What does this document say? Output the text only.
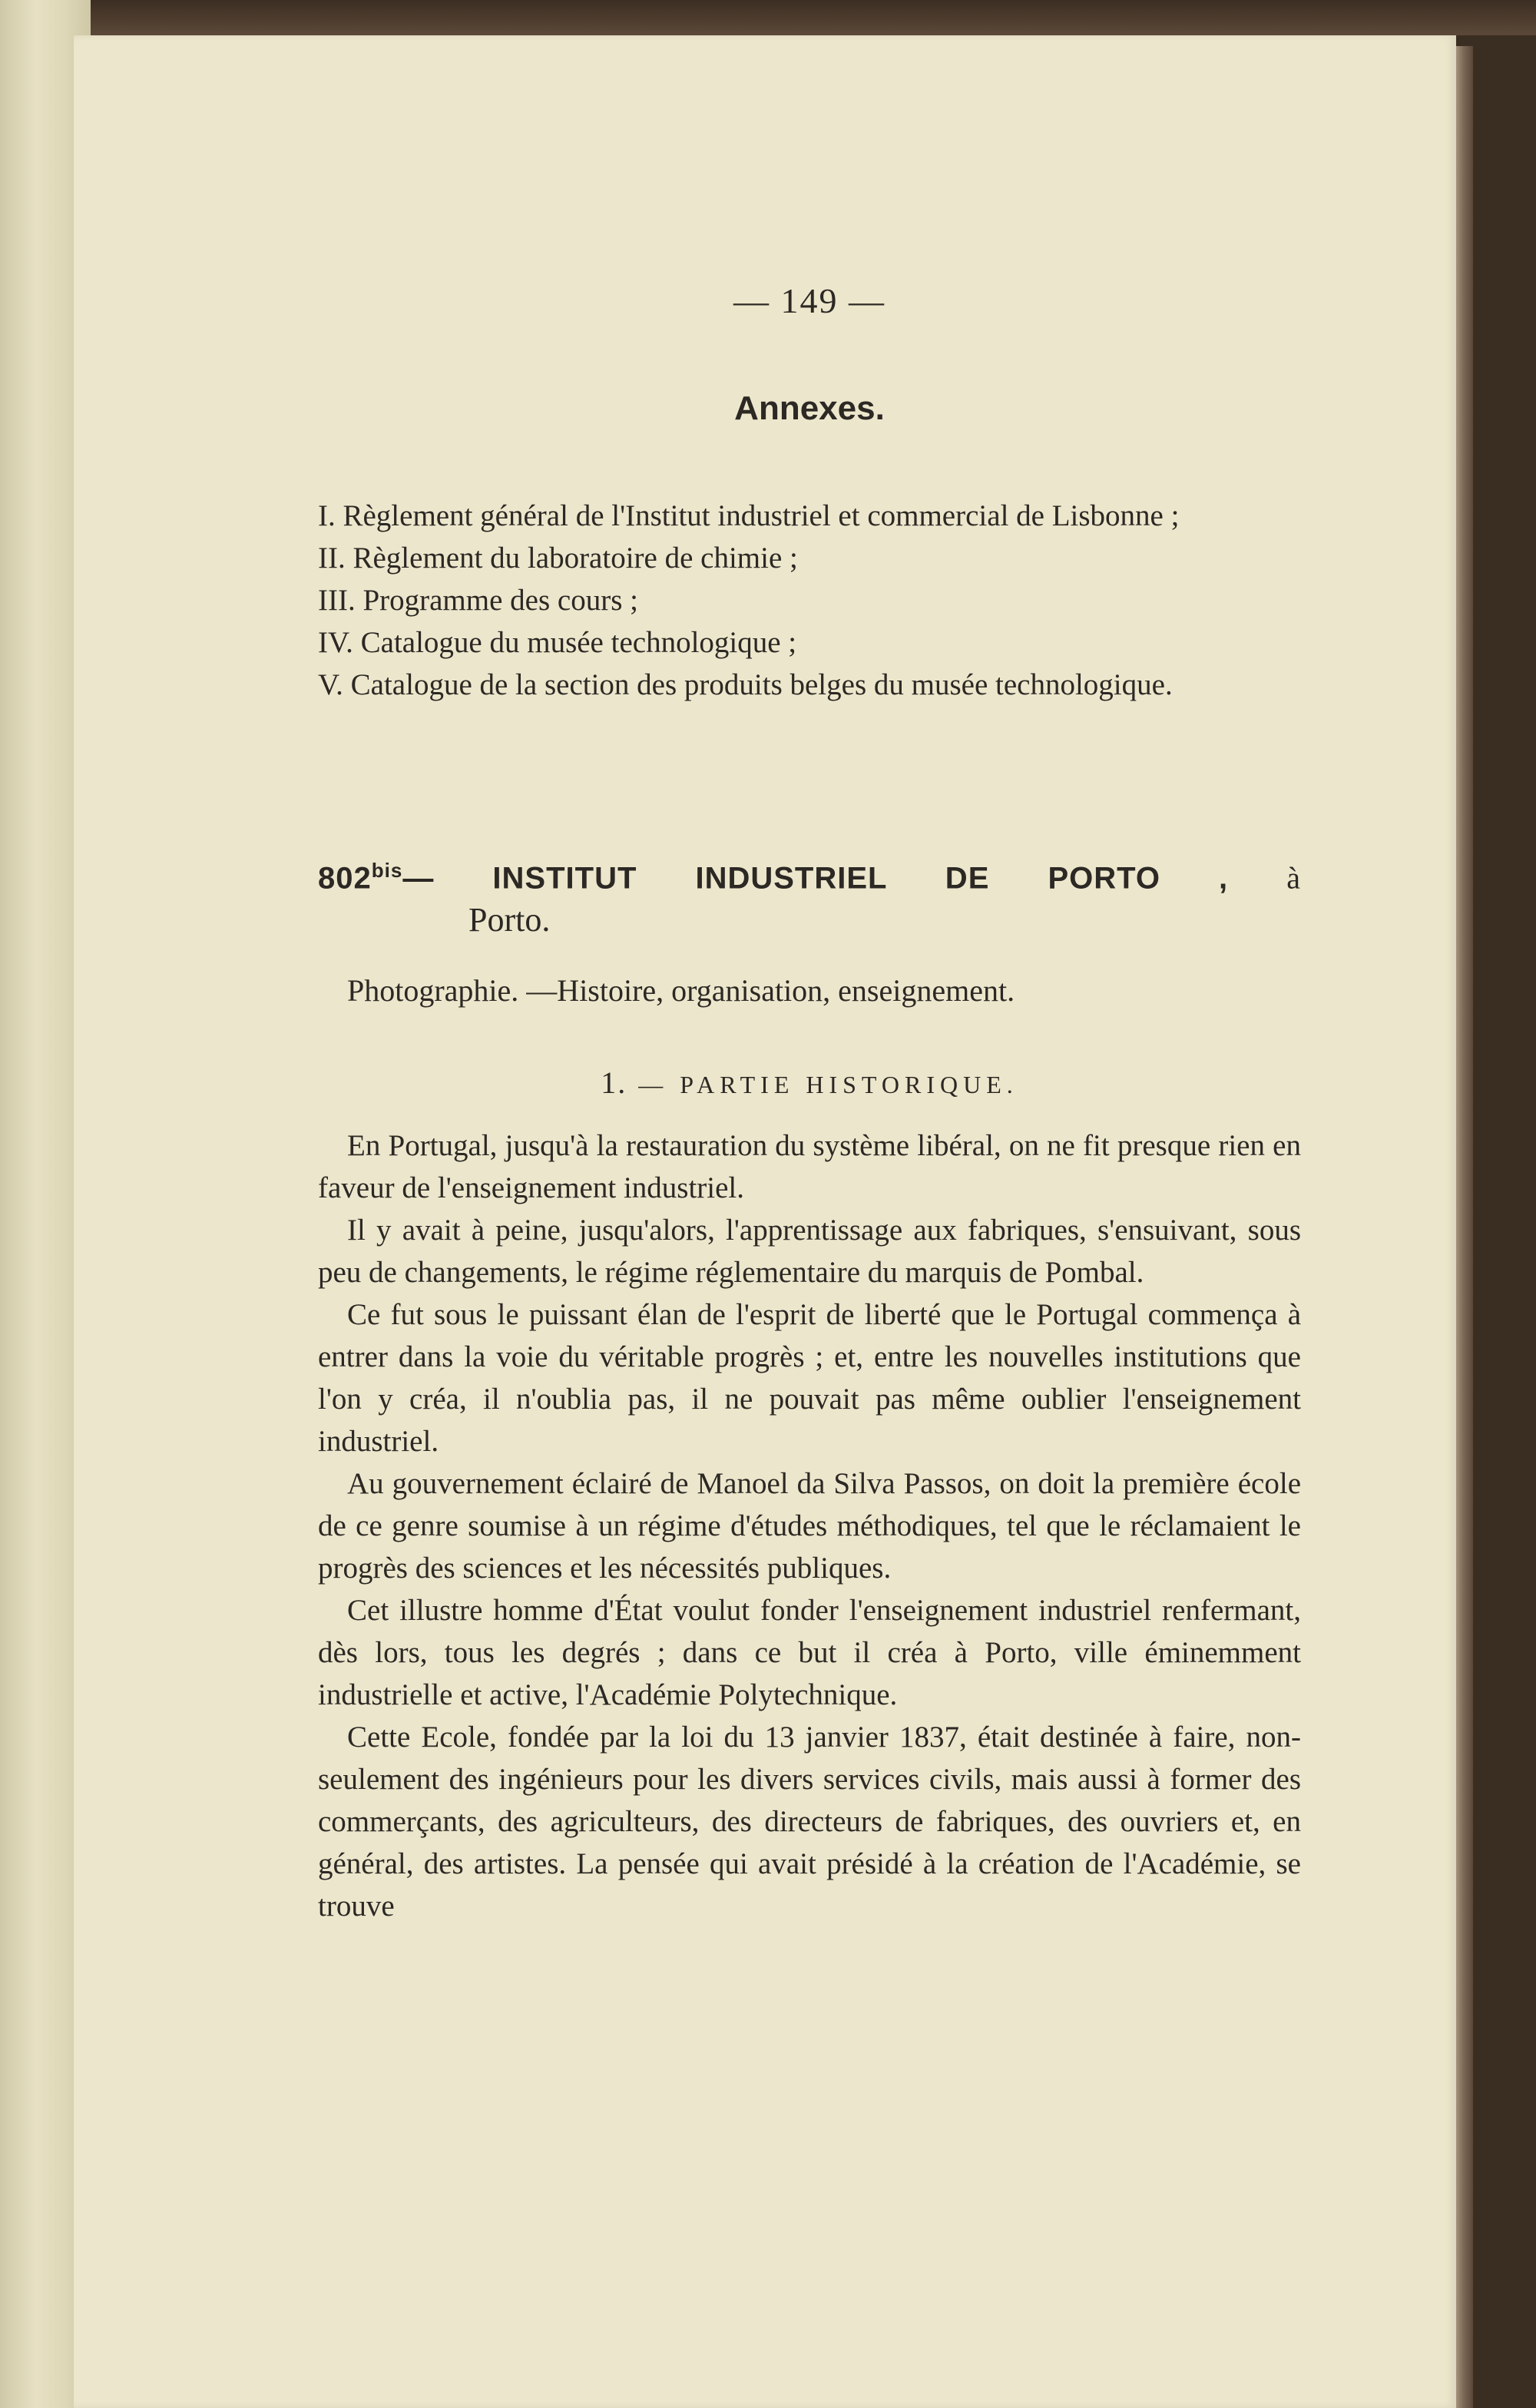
— 149 —
Annexes.

I. Règlement général de l'Institut industriel et commercial de Lisbonne ;

II. Règlement du laboratoire de chimie ;

III. Programme des cours ;

IV. Catalogue du musée technologique ;

V. Catalogue de la section des produits belges du musée technologique.

$802^{bis}—$ INSTITUT INDUSTRIEL DE PORTO , à
Porto.
Photographie. —Histoire, organisation, enseignement.
1. — PARTIE HISTORIQUE.

En Portugal, jusqu'à la restauration du système libéral, on ne fit presque rien en faveur de l'enseignement industriel.

Il y avait à peine, jusqu'alors, l'apprentissage aux fabriques, s'ensuivant, sous peu de changements, le régime réglementaire du marquis de Pombal.

Ce fut sous le puissant élan de l'esprit de liberté que le Portugal commença à entrer dans la voie du véritable progrès ; et, entre les nouvelles institutions que l'on y créa, il n'oublia pas, il ne pouvait pas même oublier l'enseignement industriel.

Au gouvernement éclairé de Manoel da Silva Passos, on doit la première école de ce genre soumise à un régime d'études méthodiques, tel que le réclamaient le progrès des sciences et les nécessités publiques.

Cet illustre homme d'État voulut fonder l'enseignement industriel renfermant, dès lors, tous les degrés ; dans ce but il créa à Porto, ville éminemment industrielle et active, l'Académie Polytechnique.

Cette Ecole, fondée par la loi du 13 janvier 1837, était destinée à faire, non-seulement des ingénieurs pour les divers services civils, mais aussi à former des commerçants, des agriculteurs, des directeurs de fabriques, des ouvriers et, en général, des artistes. La pensée qui avait présidé à la création de l'Académie, se trouve
